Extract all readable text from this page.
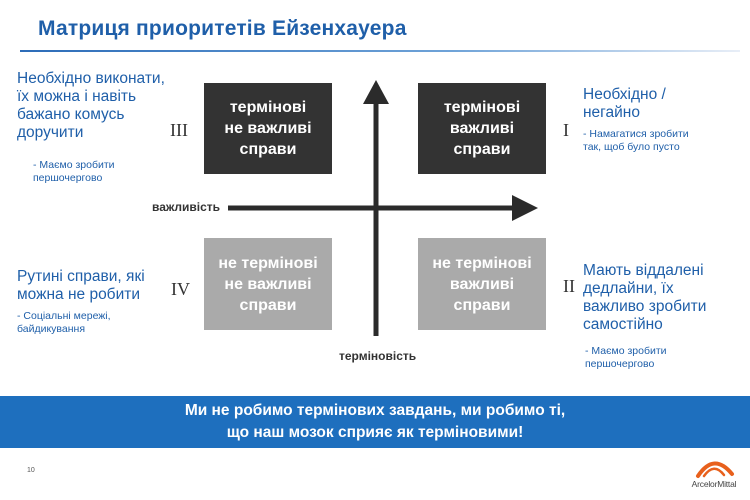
Матриця приоритетів Ейзенхауера
термінові
не важливі
справи
термінові
важливі
справи
не термінові
не важливі
справи
не термінові
важливі
справи
III	I
IV	II
важливість
терміновість
Необхідно виконати,
їх можна і навіть
бажано комусь
доручити
- Маємо зробити
першочергово
Необхідно /
негайно
- Намагатися зробити
так, щоб було пусто
Рутині справи, які
можна не робити
- Соціальні мережі,
байдикування
Мають віддалені
дедлайни, їх
важливо зробити
самостійно
- Маємо зробити
першочергово
Ми не робимо термінових завдань, ми робимо ті,
що наш мозок сприяє як терміновими!
10
ArcelorMittal
